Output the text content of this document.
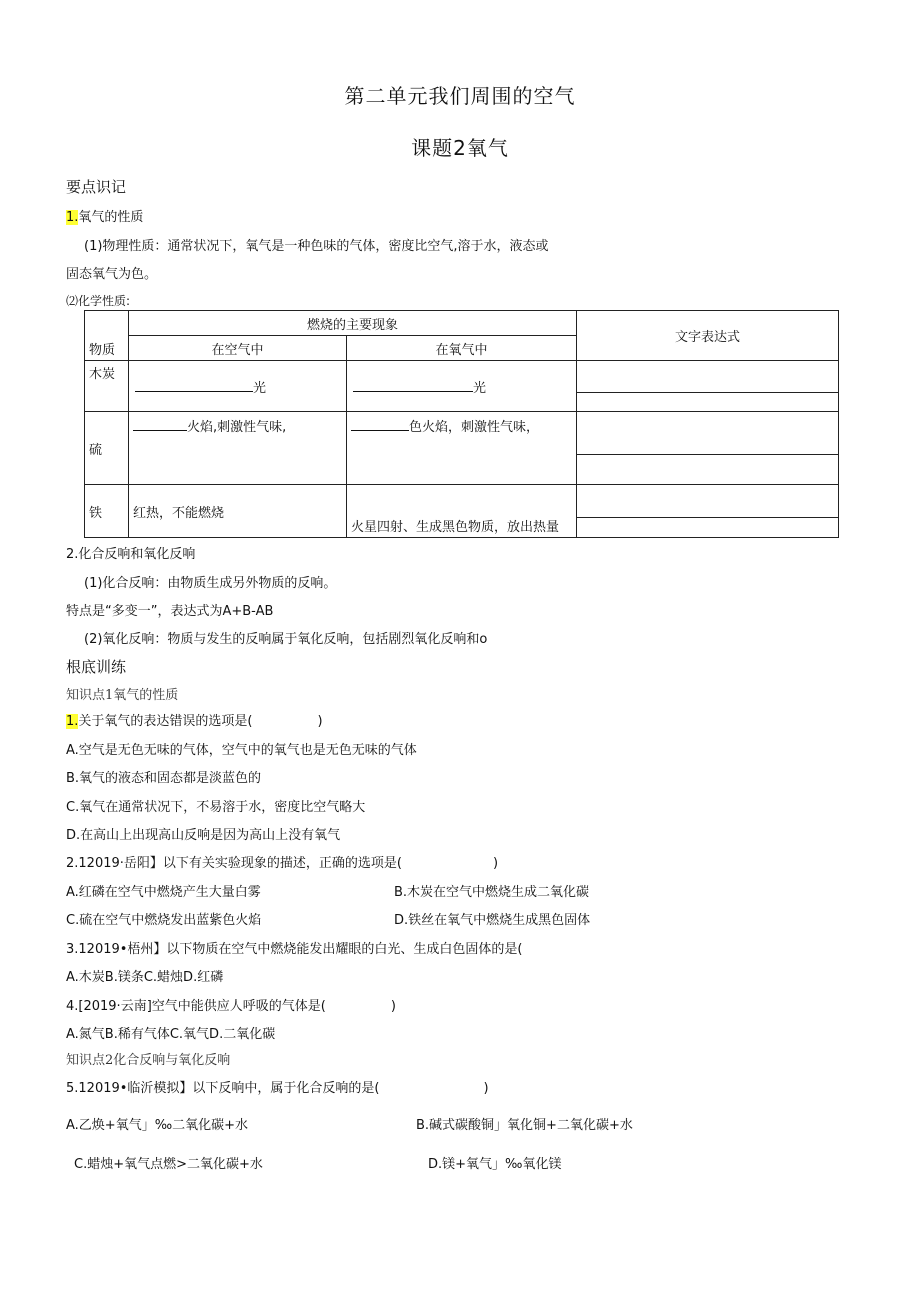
第二单元我们周围的空气
课题2氧气
要点识记
1.氧气的性质
(1)物理性质：通常状况下，氧气是一种色味的气体，密度比空气,溶于水，液态或
固态氧气为色。
⑵化学性质:
物质	燃烧的主要现象		文字表达式
	在空气中	在氧气中	
木炭	光	光	

硫	火焰,刺激性气味,	色火焰，刺激性气味，	

铁	红热，不能燃烧	火星四射、生成黑色物质，放出热量	
2.化合反响和氧化反响
(1)化合反响：由物质生成另外物质的反响。
特点是“多变一”，表达式为A+B-AB
(2)氧化反响：物质与发生的反响属于氧化反响，包括剧烈氧化反响和o
根底训练
知识点1氧气的性质
1.关于氧气的表达错误的选项是(　　　　　)
A.空气是无色无味的气体，空气中的氧气也是无色无味的气体
B.氧气的液态和固态都是淡蓝色的
C.氧气在通常状况下，不易溶于水，密度比空气略大
D.在高山上出现高山反响是因为高山上没有氧气
2.12019·岳阳】以下有关实验现象的描述，正确的选项是(　　　　　　　)
A.红磷在空气中燃烧产生大量白雾	B.木炭在空气中燃烧生成二氧化碳
C.硫在空气中燃烧发出蓝紫色火焰	D.铁丝在氧气中燃烧生成黑色固体
3.12019•梧州】以下物质在空气中燃烧能发出耀眼的白光、生成白色固体的是(
A.木炭B.镁条C.蜡烛D.红磷
4.[2019·云南]空气中能供应人呼吸的气体是(　　　　　)
A.氮气B.稀有气体C.氧气D.二氧化碳
知识点2化合反响与氧化反响
5.12019•临沂模拟】以下反响中，属于化合反响的是(　　　　　　　　)
A.乙焕+氧气」‰二氧化碳+水	B.碱式碳酸铜」氧化铜+二氧化碳+水
C.蜡烛+氧气点燃>二氧化碳+水	D.镁+氧气」‰氧化镁
